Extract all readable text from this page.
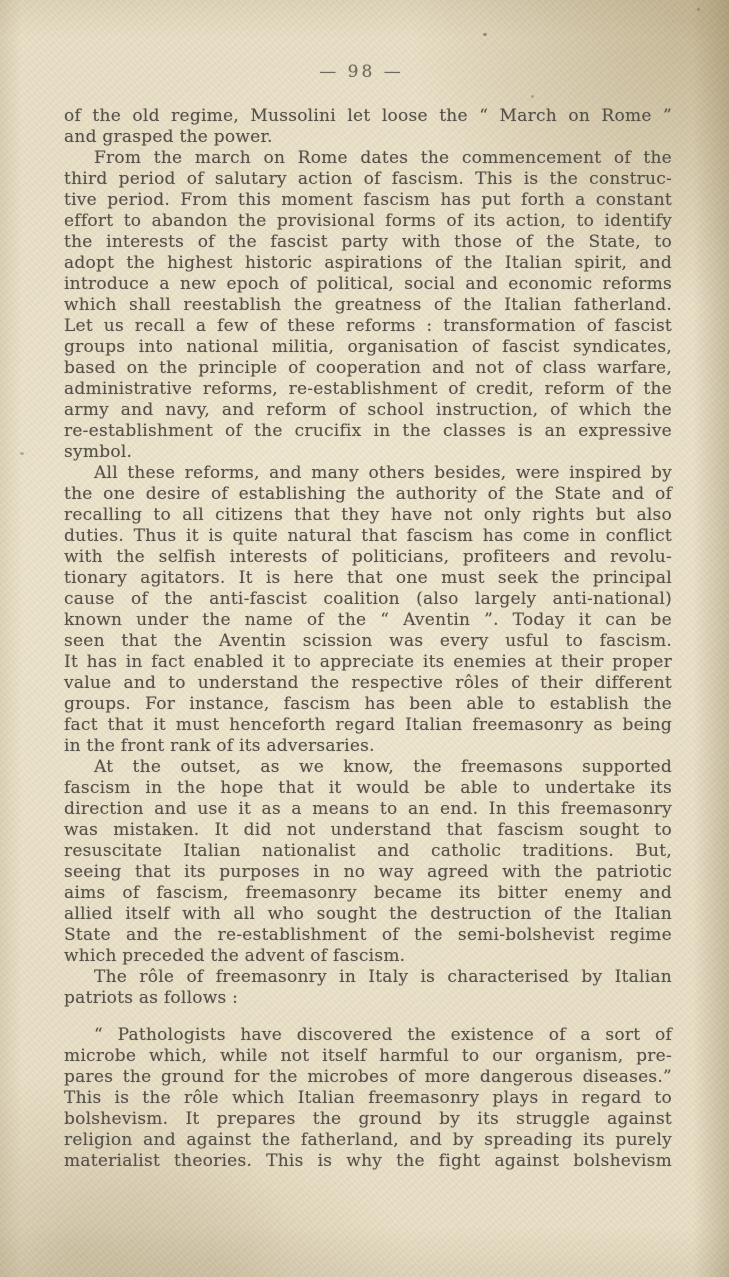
— 98 —

of the old regime, Mussolini let loose the “ March on Rome ”
and grasped the power.

From the march on Rome dates the commencement of the
third period of salutary action of fascism. This is the construc-
tive period. From this moment fascism has put forth a constant
effort to abandon the provisional forms of its action, to identify
the interests of the fascist party with those of the State, to
adopt the highest historic aspirations of the Italian spirit, and
introduce a new epoch of political, social and economic reforms
which shall reestablish the greatness of the Italian fatherland.
Let us recall a few of these reforms : transformation of fascist
groups into national militia, organisation of fascist syndicates,
based on the principle of cooperation and not of class warfare,
administrative reforms, re-establishment of credit, reform of the
army and navy, and reform of school instruction, of which the
re-establishment of the crucifix in the classes is an expressive
symbol.

All these reforms, and many others besides, were inspired by
the one desire of establishing the authority of the State and of
recalling to all citizens that they have not only rights but also
duties. Thus it is quite natural that fascism has come in conflict
with the selfish interests of politicians, profiteers and revolu-
tionary agitators. It is here that one must seek the principal
cause of the anti-fascist coalition (also largely anti-national)
known under the name of the “ Aventin ”. Today it can be
seen that the Aventin scission was every usful to fascism.
It has in fact enabled it to appreciate its enemies at their proper
value and to understand the respective rôles of their different
groups. For instance, fascism has been able to establish the
fact that it must henceforth regard Italian freemasonry as being
in the front rank of its adversaries.

At the outset, as we know, the freemasons supported
fascism in the hope that it would be able to undertake its
direction and use it as a means to an end. In this freemasonry
was mistaken. It did not understand that fascism sought to
resuscitate Italian nationalist and catholic traditions. But,
seeing that its purposes in no way agreed with the patriotic
aims of fascism, freemasonry became its bitter enemy and
allied itself with all who sought the destruction of the Italian
State and the re-establishment of the semi-bolshevist regime
which preceded the advent of fascism.

The rôle of freemasonry in Italy is characterised by Italian
patriots as follows :

“ Pathologists have discovered the existence of a sort of
microbe which, while not itself harmful to our organism, pre-
pares the ground for the microbes of more dangerous diseases.”
This is the rôle which Italian freemasonry plays in regard to
bolshevism. It prepares the ground by its struggle against
religion and against the fatherland, and by spreading its purely
materialist theories. This is why the fight against bolshevism
